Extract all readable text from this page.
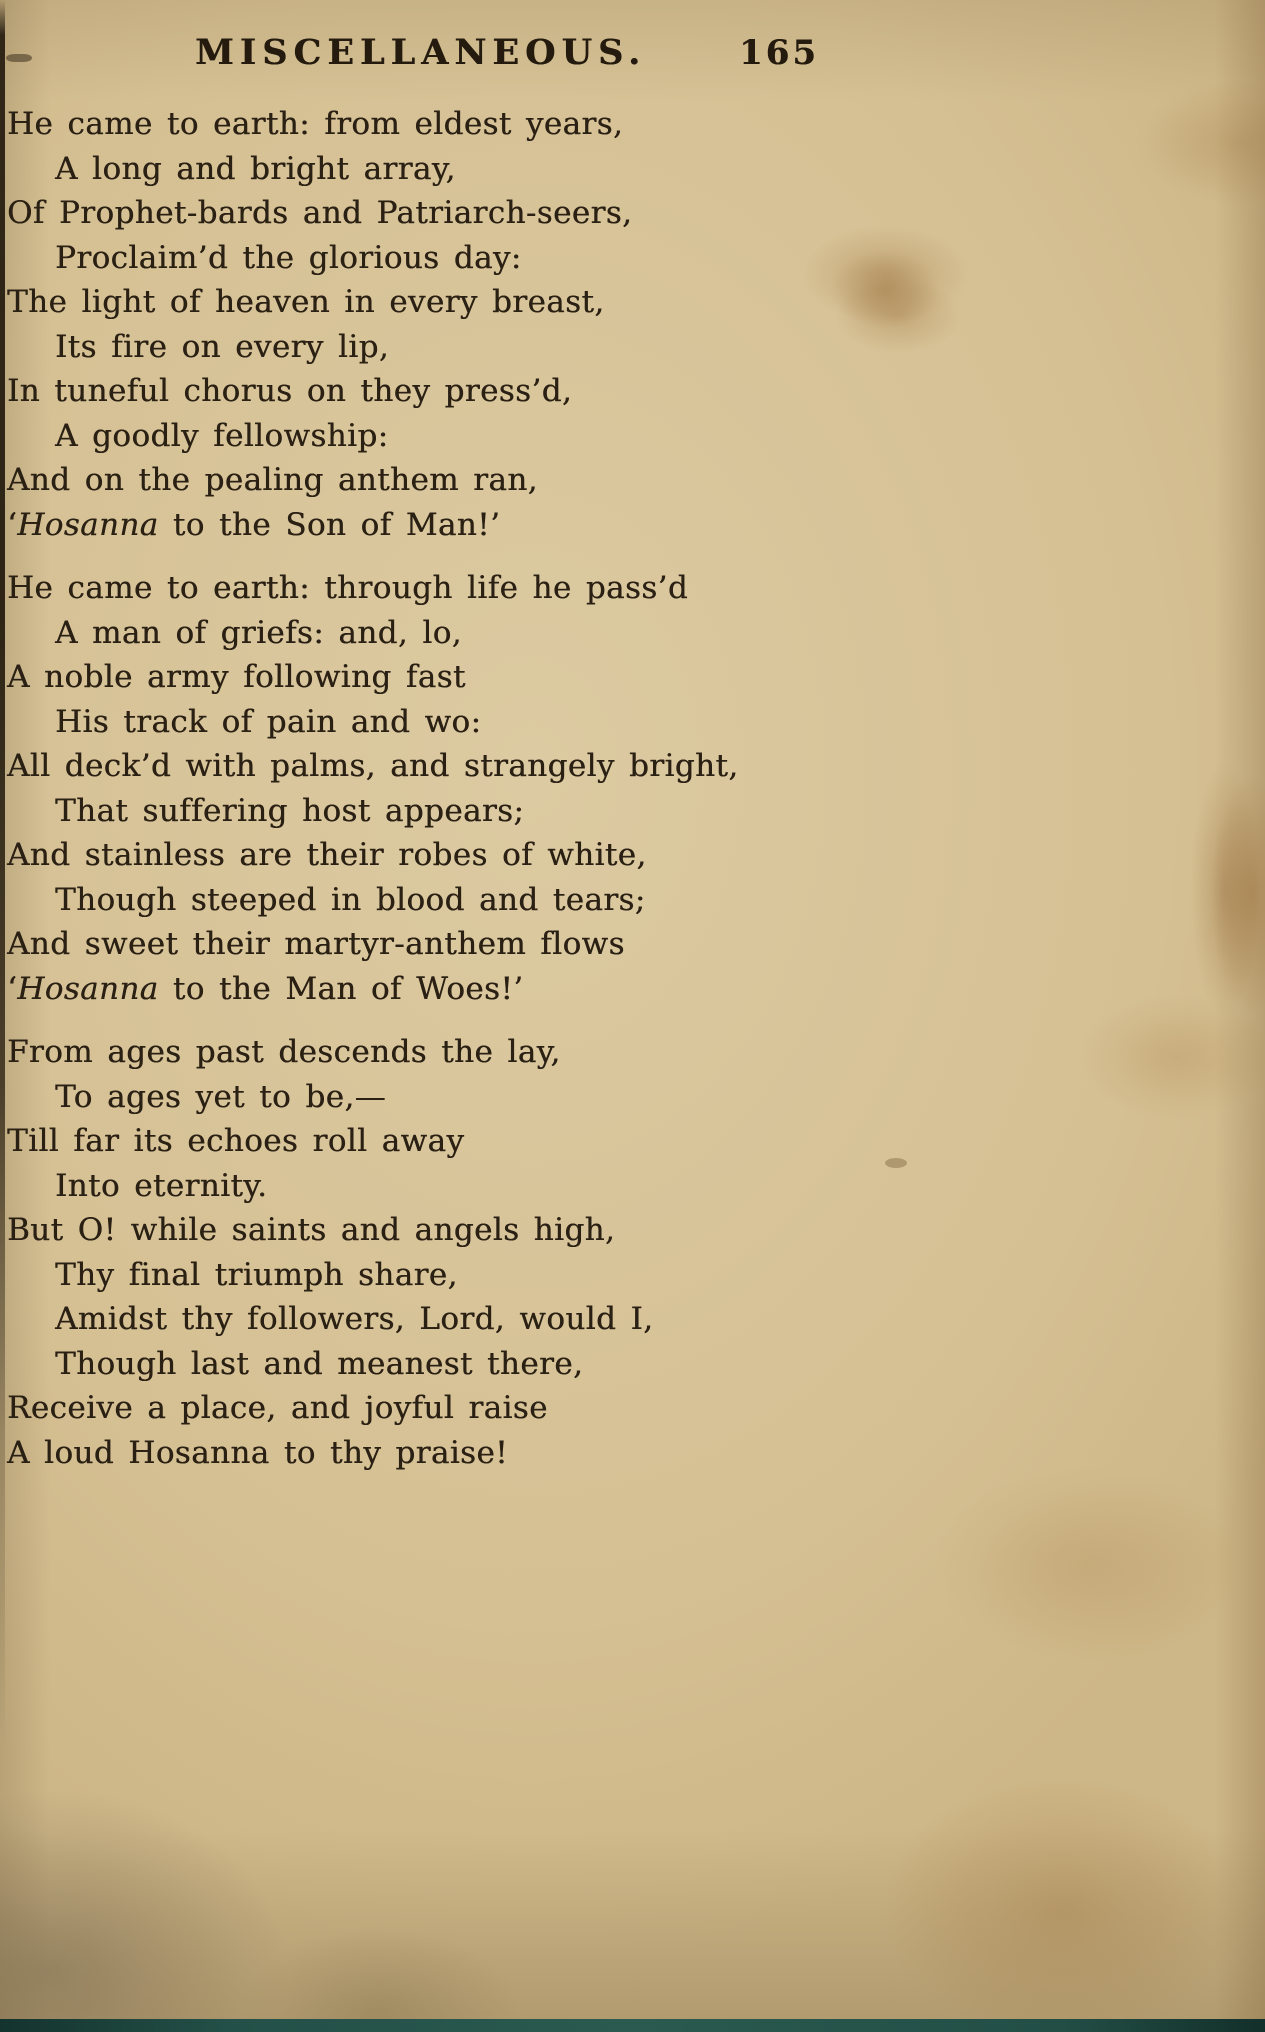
MISCELLANEOUS.	165
He came to earth: from eldest years,
A long and bright array,
Of Prophet-bards and Patriarch-seers,
Proclaim’d the glorious day:
The light of heaven in every breast,
Its fire on every lip,
In tuneful chorus on they press’d,
A goodly fellowship:
And on the pealing anthem ran,
‘Hosanna to the Son of Man!’
He came to earth: through life he pass’d
A man of griefs: and, lo,
A noble army following fast
His track of pain and wo:
All deck’d with palms, and strangely bright,
That suffering host appears;
And stainless are their robes of white,
Though steeped in blood and tears;
And sweet their martyr-anthem flows
‘Hosanna to the Man of Woes!’
From ages past descends the lay,
To ages yet to be,—
Till far its echoes roll away
Into eternity.
But O! while saints and angels high,
Thy final triumph share,
Amidst thy followers, Lord, would I,
Though last and meanest there,
Receive a place, and joyful raise
A loud Hosanna to thy praise!
